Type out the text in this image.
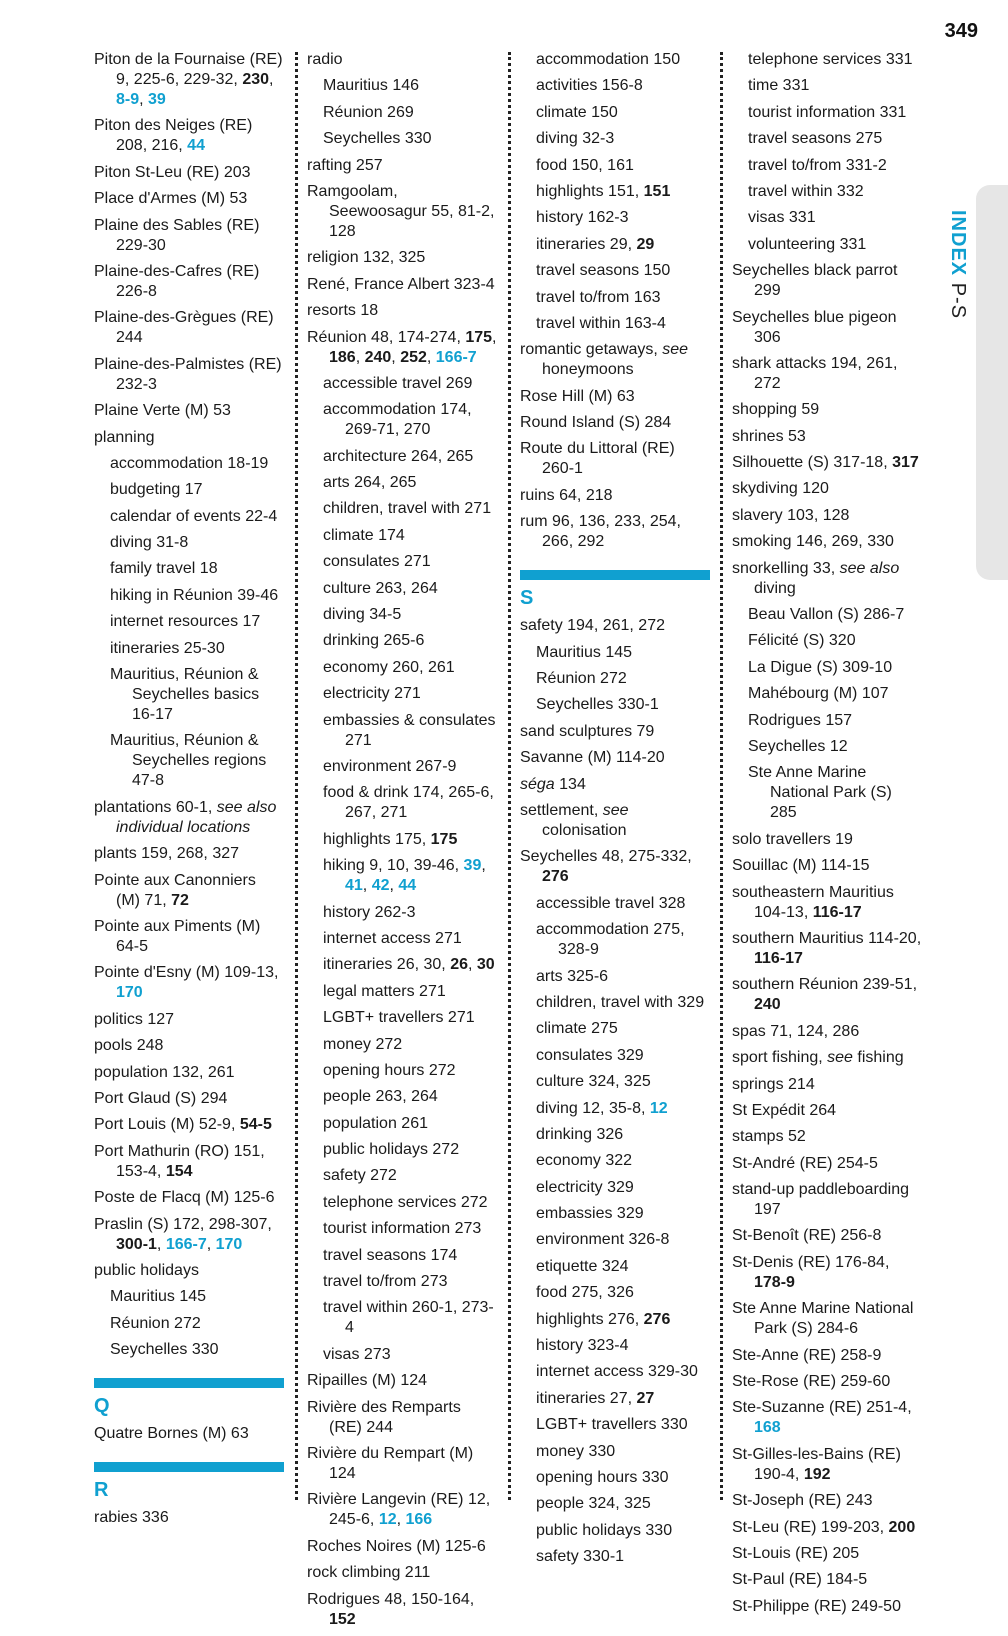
349
INDEX P-S
Piton de la Fournaise (RE) 9, 225-6, 229-32, 230, 8-9, 39
Piton des Neiges (RE) 208, 216, 44
Piton St-Leu (RE) 203
Place d'Armes (M) 53
Plaine des Sables (RE) 229-30
Plaine-des-Cafres (RE) 226-8
Plaine-des-Grègues (RE) 244
Plaine-des-Palmistes (RE) 232-3
Plaine Verte (M) 53
planning
accommodation 18-19
budgeting 17
calendar of events 22-4
diving 31-8
family travel 18
hiking in Réunion 39-46
internet resources 17
itineraries 25-30
Mauritius, Réunion & Seychelles basics 16-17
Mauritius, Réunion & Seychelles regions 47-8
plantations 60-1, see also individual locations
plants 159, 268, 327
Pointe aux Canonniers (M) 71, 72
Pointe aux Piments (M) 64-5
Pointe d'Esny (M) 109-13, 170
politics 127
pools 248
population 132, 261
Port Glaud (S) 294
Port Louis (M) 52-9, 54-5
Port Mathurin (RO) 151, 153-4, 154
Poste de Flacq (M) 125-6
Praslin (S) 172, 298-307, 300-1, 166-7, 170
public holidays
Mauritius 145
Réunion 272
Seychelles 330
Q
Quatre Bornes (M) 63
R
rabies 336
radio
Mauritius 146
Réunion 269
Seychelles 330
rafting 257
Ramgoolam, Seewoosagur 55, 81-2, 128
religion 132, 325
René, France Albert 323-4
resorts 18
Réunion 48, 174-274, 175, 186, 240, 252, 166-7
accessible travel 269
accommodation 174, 269-71, 270
architecture 264, 265
arts 264, 265
children, travel with 271
climate 174
consulates 271
culture 263, 264
diving 34-5
drinking 265-6
economy 260, 261
electricity 271
embassies & consulates 271
environment 267-9
food & drink 174, 265-6, 267, 271
highlights 175, 175
hiking 9, 10, 39-46, 39, 41, 42, 44
history 262-3
internet access 271
itineraries 26, 30, 26, 30
legal matters 271
LGBT+ travellers 271
money 272
opening hours 272
people 263, 264
population 261
public holidays 272
safety 272
telephone services 272
tourist information 273
travel seasons 174
travel to/from 273
travel within 260-1, 273-4
visas 273
Ripailles (M) 124
Rivière des Remparts (RE) 244
Rivière du Rempart (M) 124
Rivière Langevin (RE) 12, 245-6, 12, 166
Roches Noires (M) 125-6
rock climbing 211
Rodrigues 48, 150-164, 152
accommodation 150
activities 156-8
climate 150
diving 32-3
food 150, 161
highlights 151, 151
history 162-3
itineraries 29, 29
travel seasons 150
travel to/from 163
travel within 163-4
romantic getaways, see honeymoons
Rose Hill (M) 63
Round Island (S) 284
Route du Littoral (RE) 260-1
ruins 64, 218
rum 96, 136, 233, 254, 266, 292
S
safety 194, 261, 272
Mauritius 145
Réunion 272
Seychelles 330-1
sand sculptures 79
Savanne (M) 114-20
séga 134
settlement, see colonisation
Seychelles 48, 275-332, 276
accessible travel 328
accommodation 275, 328-9
arts 325-6
children, travel with 329
climate 275
consulates 329
culture 324, 325
diving 12, 35-8, 12
drinking 326
economy 322
electricity 329
embassies 329
environment 326-8
etiquette 324
food 275, 326
highlights 276, 276
history 323-4
internet access 329-30
itineraries 27, 27
LGBT+ travellers 330
money 330
opening hours 330
people 324, 325
public holidays 330
safety 330-1
telephone services 331
time 331
tourist information 331
travel seasons 275
travel to/from 331-2
travel within 332
visas 331
volunteering 331
Seychelles black parrot 299
Seychelles blue pigeon 306
shark attacks 194, 261, 272
shopping 59
shrines 53
Silhouette (S) 317-18, 317
skydiving 120
slavery 103, 128
smoking 146, 269, 330
snorkelling 33, see also diving
Beau Vallon (S) 286-7
Félicité (S) 320
La Digue (S) 309-10
Mahébourg (M) 107
Rodrigues 157
Seychelles 12
Ste Anne Marine National Park (S) 285
solo travellers 19
Souillac (M) 114-15
southeastern Mauritius 104-13, 116-17
southern Mauritius 114-20, 116-17
southern Réunion 239-51, 240
spas 71, 124, 286
sport fishing, see fishing
springs 214
St Expédit 264
stamps 52
St-André (RE) 254-5
stand-up paddleboarding 197
St-Benoît (RE) 256-8
St-Denis (RE) 176-84, 178-9
Ste Anne Marine National Park (S) 284-6
Ste-Anne (RE) 258-9
Ste-Rose (RE) 259-60
Ste-Suzanne (RE) 251-4, 168
St-Gilles-les-Bains (RE) 190-4, 192
St-Joseph (RE) 243
St-Leu (RE) 199-203, 200
St-Louis (RE) 205
St-Paul (RE) 184-5
St-Philippe (RE) 249-50
